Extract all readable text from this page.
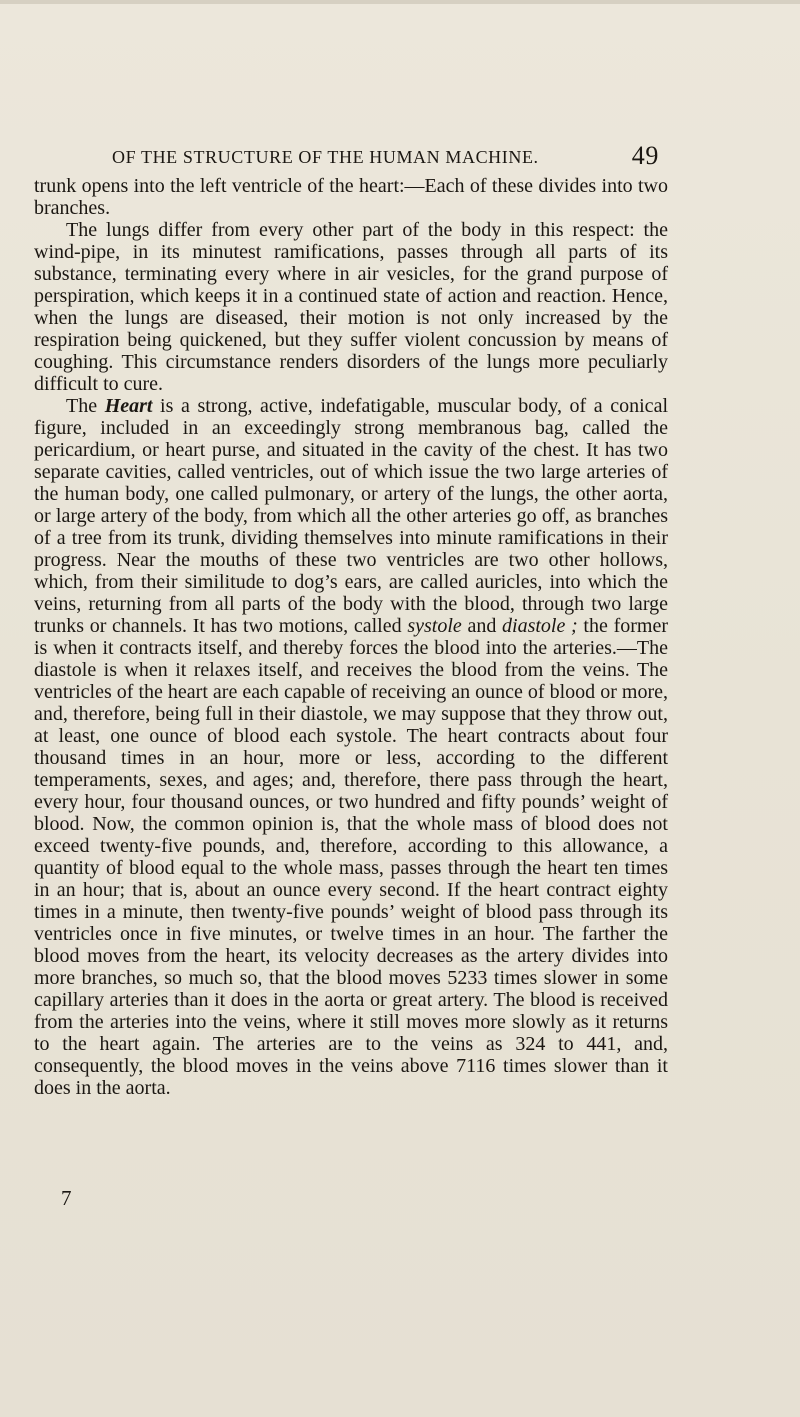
OF THE STRUCTURE OF THE HUMAN MACHINE.	49

trunk opens into the left ventricle of the heart:—Each of these divides into two branches.

The lungs differ from every other part of the body in this respect: the wind-pipe, in its minutest ramifications, passes through all parts of its substance, terminating every where in air vesicles, for the grand purpose of perspiration, which keeps it in a continued state of action and reaction. Hence, when the lungs are diseased, their motion is not only increased by the respiration being quickened, but they suffer violent concussion by means of coughing. This circumstance renders disorders of the lungs more peculiarly difficult to cure.

The Heart is a strong, active, indefatigable, muscular body, of a conical figure, included in an exceedingly strong membranous bag, called the pericardium, or heart purse, and situated in the cavity of the chest. It has two separate cavities, called ventricles, out of which issue the two large arteries of the human body, one called pulmonary, or artery of the lungs, the other aorta, or large artery of the body, from which all the other arteries go off, as branches of a tree from its trunk, dividing themselves into minute ramifications in their progress. Near the mouths of these two ventricles are two other hollows, which, from their similitude to dog’s ears, are called auricles, into which the veins, returning from all parts of the body with the blood, through two large trunks or channels. It has two motions, called systole and diastole ; the former is when it contracts itself, and thereby forces the blood into the arteries.—The diastole is when it relaxes itself, and receives the blood from the veins. The ventricles of the heart are each capable of receiving an ounce of blood or more, and, therefore, being full in their diastole, we may suppose that they throw out, at least, one ounce of blood each systole. The heart contracts about four thousand times in an hour, more or less, according to the different temperaments, sexes, and ages; and, therefore, there pass through the heart, every hour, four thousand ounces, or two hundred and fifty pounds’ weight of blood. Now, the common opinion is, that the whole mass of blood does not exceed twenty-five pounds, and, therefore, according to this allowance, a quantity of blood equal to the whole mass, passes through the heart ten times in an hour; that is, about an ounce every second. If the heart contract eighty times in a minute, then twenty-five pounds’ weight of blood pass through its ventricles once in five minutes, or twelve times in an hour. The farther the blood moves from the heart, its velocity decreases as the artery divides into more branches, so much so, that the blood moves 5233 times slower in some capillary arteries than it does in the aorta or great artery. The blood is received from the arteries into the veins, where it still moves more slowly as it returns to the heart again. The arteries are to the veins as 324 to 441, and, consequently, the blood moves in the veins above 7116 times slower than it does in the aorta.

7
